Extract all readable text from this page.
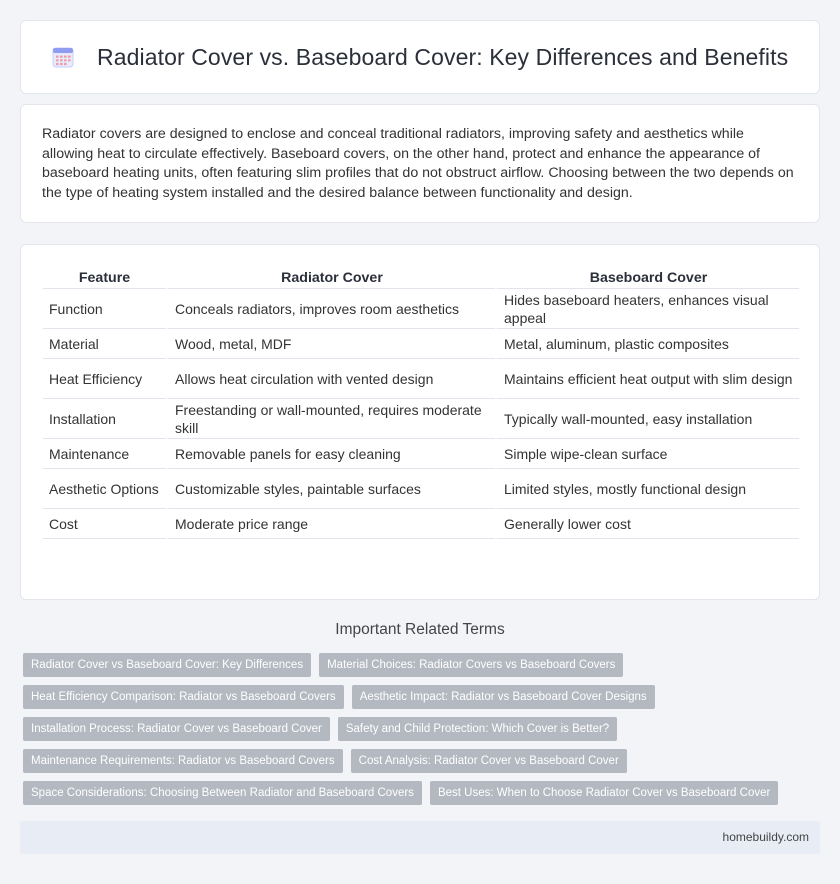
Radiator Cover vs. Baseboard Cover: Key Differences and Benefits

Radiator covers are designed to enclose and conceal traditional radiators, improving safety and aesthetics while allowing heat to circulate effectively. Baseboard covers, on the other hand, protect and enhance the appearance of baseboard heating units, often featuring slim profiles that do not obstruct airflow. Choosing between the two depends on the type of heating system installed and the desired balance between functionality and design.

Feature	Radiator Cover	Baseboard Cover
Function	Conceals radiators, improves room aesthetics	Hides baseboard heaters, enhances visual appeal
Material	Wood, metal, MDF	Metal, aluminum, plastic composites
Heat Efficiency	Allows heat circulation with vented design	Maintains efficient heat output with slim design
Installation	Freestanding or wall-mounted, requires moderate skill	Typically wall-mounted, easy installation
Maintenance	Removable panels for easy cleaning	Simple wipe-clean surface
Aesthetic Options	Customizable styles, paintable surfaces	Limited styles, mostly functional design
Cost	Moderate price range	Generally lower cost
Important Related Terms
Radiator Cover vs Baseboard Cover: Key Differences	Material Choices: Radiator Covers vs Baseboard Covers
Heat Efficiency Comparison: Radiator vs Baseboard Covers	Aesthetic Impact: Radiator vs Baseboard Cover Designs
Installation Process: Radiator Cover vs Baseboard Cover	Safety and Child Protection: Which Cover is Better?
Maintenance Requirements: Radiator vs Baseboard Covers	Cost Analysis: Radiator Cover vs Baseboard Cover
Space Considerations: Choosing Between Radiator and Baseboard Covers	Best Uses: When to Choose Radiator Cover vs Baseboard Cover
homebuildy.com
